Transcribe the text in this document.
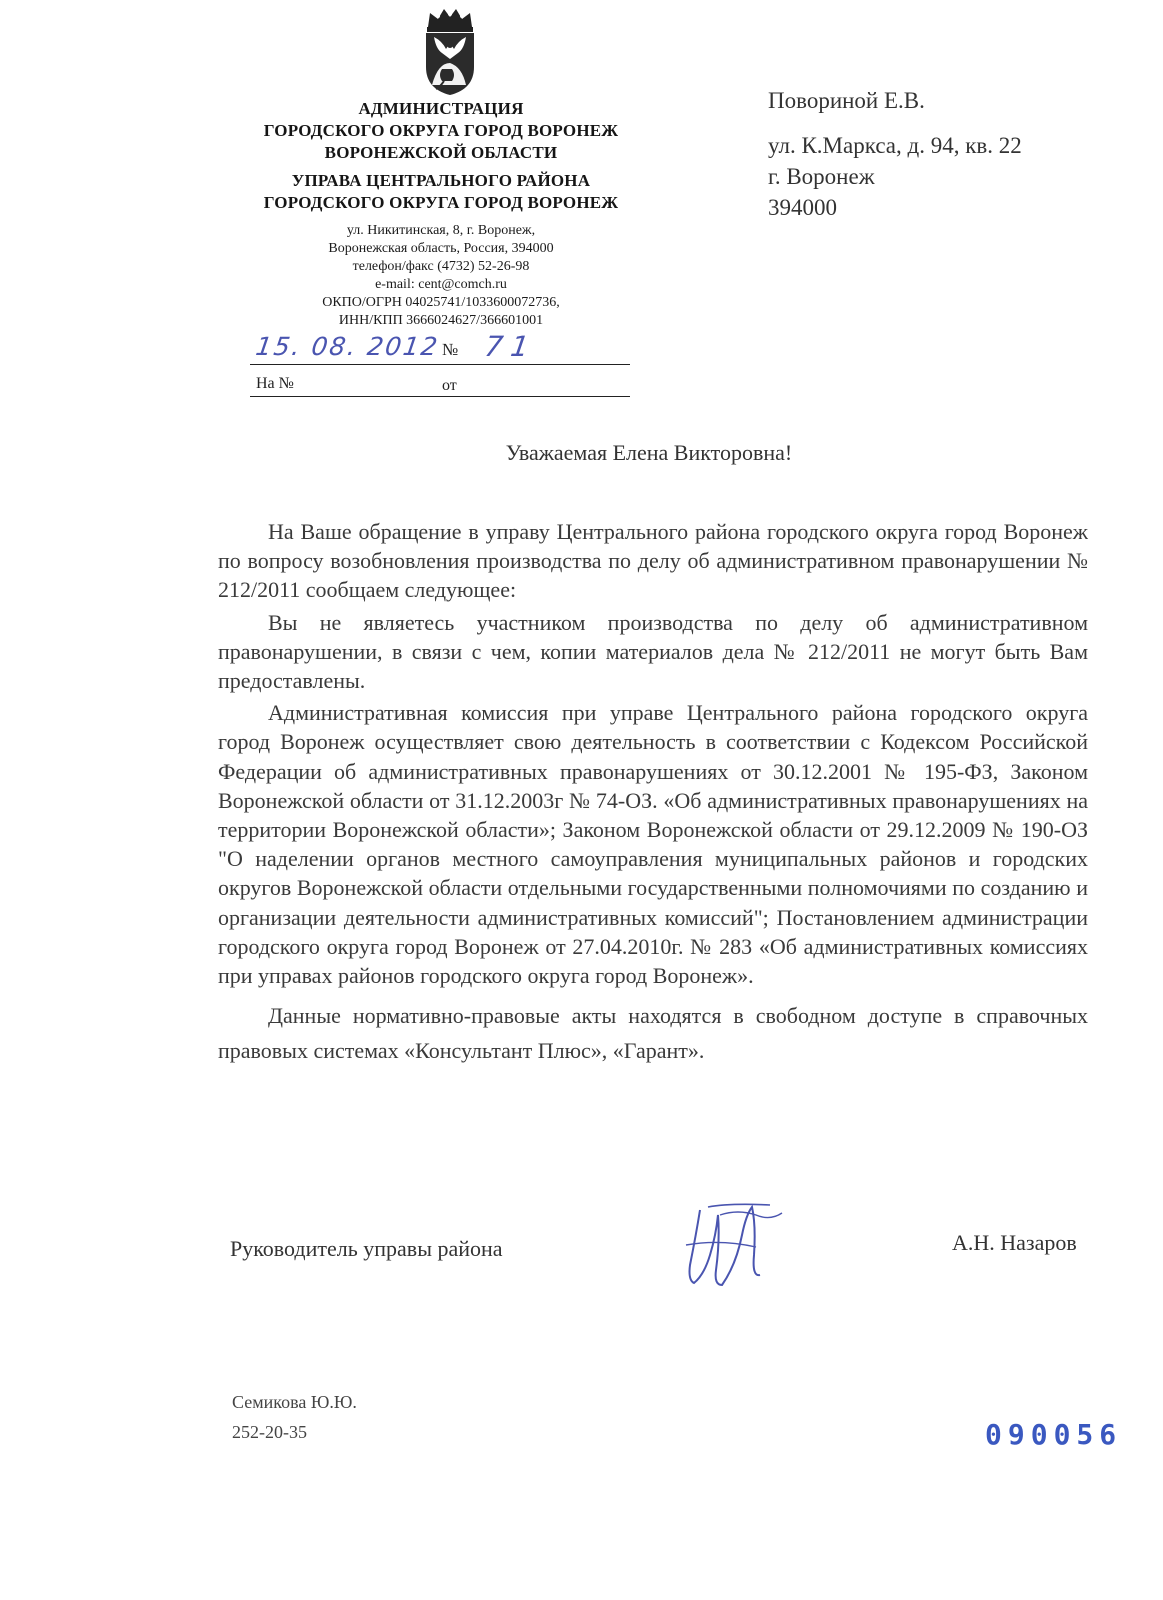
АДМИНИСТРАЦИЯ
ГОРОДСКОГО ОКРУГА ГОРОД ВОРОНЕЖ
ВОРОНЕЖСКОЙ ОБЛАСТИ
УПРАВА ЦЕНТРАЛЬНОГО РАЙОНА
ГОРОДСКОГО ОКРУГА ГОРОД ВОРОНЕЖ
ул. Никитинская, 8, г. Воронеж,
Воронежская область, Россия, 394000
телефон/факс (4732) 52-26-98
e-mail: cent@comch.ru
ОКПО/ОГРН 04025741/1033600072736,
ИНН/КПП 3666024627/366601001
15. 08. 2012 № 71
На №	от
Повориной Е.В.
ул. К.Маркса, д. 94, кв. 22
г. Воронеж
394000
Уважаемая Елена Викторовна!

На Ваше обращение в управу Центрального района городского округа город Воронеж по вопросу возобновления производства по делу об административном правонарушении № 212/2011 сообщаем следующее:

Вы не являетесь участником производства по делу об административном правонарушении, в связи с чем, копии материалов дела № 212/2011 не могут быть Вам предоставлены.

Административная комиссия при управе Центрального района городского округа город Воронеж осуществляет свою деятельность в соответствии с Кодексом Российской Федерации об административных правонарушениях от 30.12.2001 № 195-ФЗ, Законом Воронежской области от 31.12.2003г № 74-ОЗ. «Об административных правонарушениях на территории Воронежской области»; Законом Воронежской области от 29.12.2009 № 190-ОЗ "О наделении органов местного самоуправления муниципальных районов и городских округов Воронежской области отдельными государственными полномочиями по созданию и организации деятельности административных комиссий"; Постановлением администрации городского округа город Воронеж от 27.04.2010г. № 283 «Об административных комиссиях при управах районов городского округа город Воронеж».

Данные нормативно-правовые акты находятся в свободном доступе в справочных правовых системах «Консультант Плюс», «Гарант».

Руководитель управы района	А.Н. Назаров
Семикова Ю.Ю.
252-20-35	090056
